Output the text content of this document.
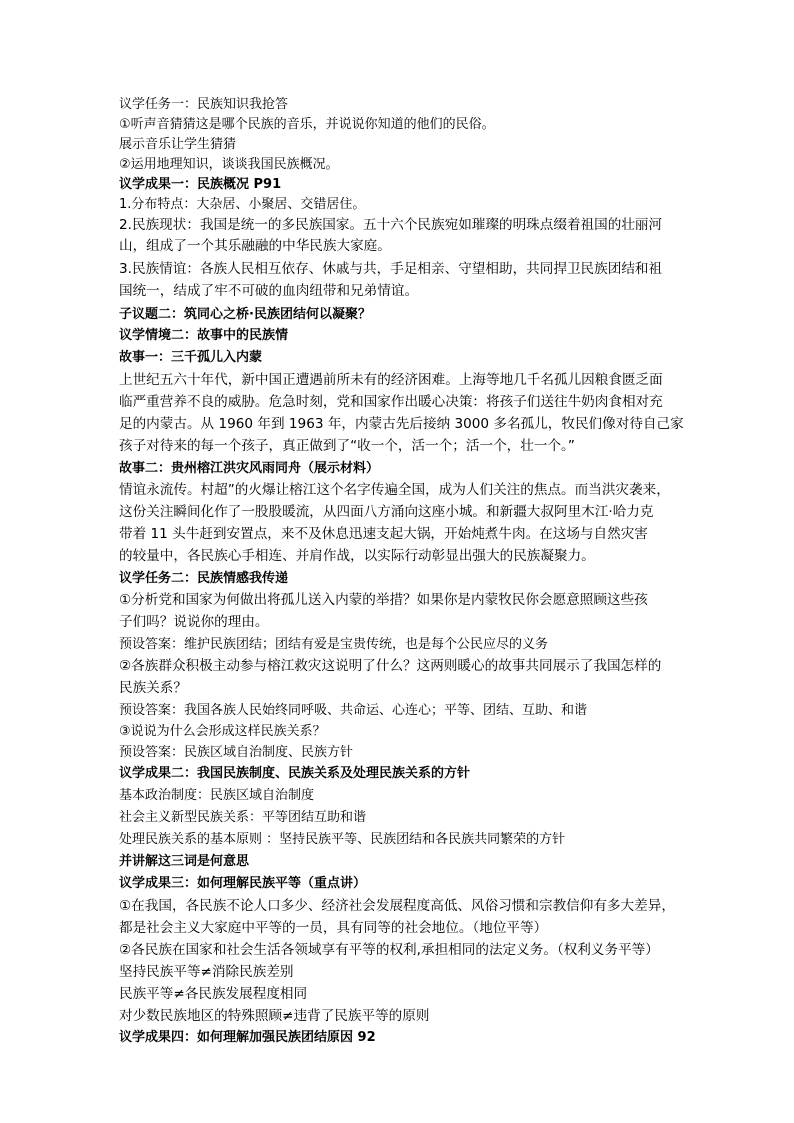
议学任务一：民族知识我抢答
①听声音猜猜这是哪个民族的音乐，并说说你知道的他们的民俗。
展示音乐让学生猜猜
②运用地理知识，谈谈我国民族概况。
议学成果一：民族概况 P91
1.分布特点：大杂居、小聚居、交错居住。
2.民族现状：我国是统一的多民族国家。五十六个民族宛如璀璨的明珠点缀着祖国的壮丽河
山，组成了一个其乐融融的中华民族大家庭。
3.民族情谊：各族人民相互依存、休戚与共，手足相亲、守望相助，共同捍卫民族团结和祖
国统一，结成了牢不可破的血肉纽带和兄弟情谊。
子议题二：筑同心之桥·民族团结何以凝聚？
议学情境二：故事中的民族情
故事一：三千孤儿入内蒙
上世纪五六十年代，新中国正遭遇前所未有的经济困难。上海等地几千名孤儿因粮食匮乏面
临严重营养不良的威胁。危急时刻，党和国家作出暖心决策：将孩子们送往牛奶肉食相对充
足的内蒙古。从 1960 年到 1963 年，内蒙古先后接纳 3000 多名孤儿，牧民们像对待自己家
孩子对待来的每一个孩子，真正做到了“收一个，活一个；活一个，壮一个。”
故事二：贵州榕江洪灾风雨同舟（展示材料）
情谊永流传。村超”的火爆让榕江这个名字传遍全国，成为人们关注的焦点。而当洪灾袭来，
这份关注瞬间化作了一股股暖流，从四面八方涌向这座小城。和新疆大叔阿里木江·哈力克
带着 11 头牛赶到安置点，来不及休息迅速支起大锅，开始炖煮牛肉。在这场与自然灾害
的较量中，各民族心手相连、并肩作战，以实际行动彰显出强大的民族凝聚力。
议学任务二：民族情感我传递
①分析党和国家为何做出将孤儿送入内蒙的举措？如果你是内蒙牧民你会愿意照顾这些孩
子们吗？说说你的理由。
预设答案：维护民族团结；团结有爱是宝贵传统，也是每个公民应尽的义务
②各族群众积极主动参与榕江救灾这说明了什么？这两则暖心的故事共同展示了我国怎样的
民族关系？
预设答案：我国各族人民始终同呼吸、共命运、心连心；平等、团结、互助、和谐
③说说为什么会形成这样民族关系？
预设答案：民族区域自治制度、民族方针
议学成果二：我国民族制度、民族关系及处理民族关系的方针
基本政治制度：民族区域自治制度
社会主义新型民族关系：平等团结互助和谐
处理民族关系的基本原则 ：坚持民族平等、民族团结和各民族共同繁荣的方针
并讲解这三词是何意思
议学成果三：如何理解民族平等（重点讲）
①在我国，各民族不论人口多少、经济社会发展程度高低、风俗习惯和宗教信仰有多大差异，
都是社会主义大家庭中平等的一员，具有同等的社会地位。（地位平等）
②各民族在国家和社会生活各领域享有平等的权利,承担相同的法定义务。（权利义务平等）
坚持民族平等≠消除民族差别
民族平等≠各民族发展程度相同
对少数民族地区的特殊照顾≠违背了民族平等的原则
议学成果四：如何理解加强民族团结原因 92
